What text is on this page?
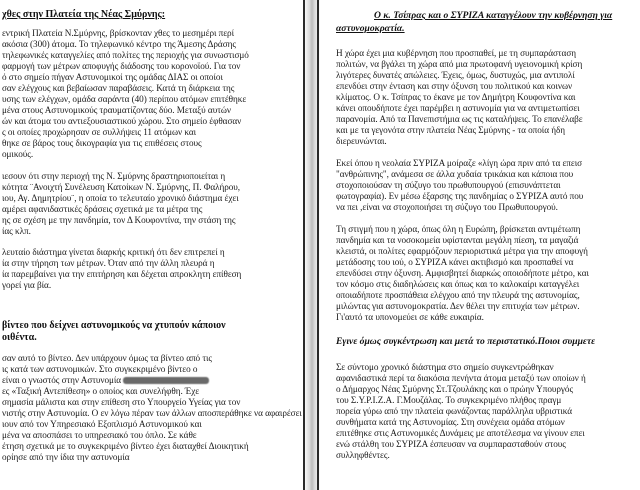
χθες στην Πλατεία της Νέας Σμύρνης:
εντρική Πλατεία Ν.Σμύρνης, βρίσκονταν χθες το μεσημέρι περί
ακόσια (300) άτομα. Το τηλεφωνικό κέντρο της Άμεσης Δράσης
τηλεφωνικές καταγγελίες από πολίτες της περιοχής για συνωστισμό
φαρμογή των μέτρων αποφυγής διάδοσης του κορονοϊού. Για τον
ό στο σημείο πήγαν Αστυνομικοί της ομάδας ΔΙΑΣ οι οποίοι
σαν ελέγχους και βεβαίωσαν παραβάσεις. Κατά τη διάρκεια της
υσης των ελέγχων, ομάδα σαράντα (40) περίπου ατόμων επιτέθηκε
μένα στους Αστυνομικούς τραυματίζοντας δύο. Μεταξύ αυτών
ών και άτομα του αντιεξουσιαστικού χώρου. Στο σημείο έφθασαν
ς οι οποίες προχώρησαν σε συλλήψεις 11 ατόμων και
θηκε σε βάρος τους δικογραφία για τις επιθέσεις στους
ομικούς.
ιεσουν ότι στην περιοχή της Ν. Σμύρνης δραστηριοποιείται η
κότητα ¨Ανοιχτή Συνέλευση Κατοίκων Ν. Σμύρνης, Π. Φαλήρου,
ιου, Αγ. Δημητρίου¨, η οποία το τελευταίο χρονικό διάστημα έχει
αμέρει αφανιδαστικές δράσεις σχετικά με τα μέτρα της
ης σε σχέση με την πανδημία, τον Δ Κουφοντίνα, την στάση της
ίας κλπ.
λευταίο διάστημα γίνεται διαρκής κριτική ότι δεν επιτρεπεί η
ία στην τήρηση των μέτρων. Όταν από την άλλη πλευρά η
ία παρεμβαίνει για την επιτήρηση και δέχεται απροκλητη επίθεση
γορεί για βία.
βίντεο που δείχνει αστυνομικούς να χτυπούν κάποιον
οιθέντα.
σαν αυτό το βίντεο. Δεν υπάρχουν όμως τα βίντεο από τις
ις κατά των αστυνομικών. Στο συγκεκριμένο βίντεο ο
είναι ο γνωστός στην Αστυνομία
ες «Ταξική Αντεπίθεση» ο οποίος και συνελήφθη. Έχε
σημασία μάλιστα και στην επίθεση στο Υπουργείο Υγείας για τον
νιστής στην Αστυνομία. Ο εν λόγω πέραν των άλλων αποσπεράθηκε να αφαιρέσει
ιουν από τον Υπηρεσιακό Εξοπλισμό Αστυνομικού και
μένα να αποσπάσει το υπηρεσιακό του όπλο. Σε κάθε
έτηση σχετικά με το συγκεκριμένο βίντεο έχει διαταχθεί Διοικητική
ορίησε από την ίδια την αστυνομία
Ο κ. Τσίπρας και ο ΣΥΡΙΖΑ καταγγέλουν την κυβέρνηση για
αστυνομοκρατία.
Η χώρα έχει μια κυβέρνηση που προσπαθεί, με τη συμπαράσταση
πολιτών, να βγάλει τη χώρα από μια πρωτοφανή υγειονομική κρίση
λιγότερες δυνατές απώλειες. Έχεις, όμως, δυστυχώς, μια αντιπολί
επενδύει στην ένταση και στην όξυνση του πολιτικού και κοινων
κλίματος. Ο κ. Τσίπρας το έκανε με τον Δημήτρη Κουφοντίνα και
κάνει οπουδήποτε έχει παρέμβει η αστυνομία για να αντιμετωπίσει
παρανομία. Από τα Πανεπιστήμια ως τις καταλήψεις. Το επανέλαβε
και με τα γεγονότα στην πλατεία Νέας Σμύρνης - τα οποία ήδη
διερευνώνται.
Εκεί όπου η νεολαία ΣΥΡΙΖΑ μοίραζε «λίγη ώρα πριν από τα επεισ
"ανθρώπινης", ανάμεσα σε άλλα χυδαία τρικάκια και κάποια που
στοχοποιούσαν τη σύζυγο του πρωθυπουργού (επισυνάπτεται
φωτογραφία). Εν μέσω έξαρσης της πανδημίας ο ΣΥΡΙΖΑ αυτό που
να πει ,είναι να στοχοποιήσει τη σύζυγο του Πρωθυπουργού.
Τη στιγμή που η χώρα, όπως όλη η Ευρώπη, βρίσκεται αντιμέτωπη
πανδημία και τα νοσοκομεία υφίστανται μεγάλη πίεση, τα μαγαζιά
κλειστά, οι πολίτες εφαρμόζουν περιοριστικά μέτρα για την αποφυγή
μετάδοσης του ιού, ο ΣΥΡΙΖΑ κάνει ακτιβισμό και προσπαθεί να
επενδύσει στην όξυνση. Αμφισβητεί διαρκώς οποιοδήποτε μέτρο, και
τον κόσμο στις διαδηλώσεις και όπως και το καλοκαίρι καταγγέλει
οποιαδήποτε προσπάθεια ελέγχου από την πλευρά της αστυνομίας,
μιλώντας για αστυνομοκρατία. Δεν θέλει την επιτυχία των μέτρων.
Γι'αυτό τα υπονομεύει σε κάθε ευκαιρία.
Εγινε όμως συγκέντρωση και μετά το περιστατικό.Ποιοι συμμετε
Σε σύντομο χρονικό διάστημα στο σημείο συγκεντρώθηκαν
αφανιδαστικά περί τα διακόσια πενήντα άτομα μεταξύ των οποίων ή
ο Δήμαρχος Νέας Σμύρνης Στ.Τζουλάκης και ο πρώην Υπουργός
του Σ.Υ.Ρ.Ι.Ζ.Α. Γ.Μουζάλας. Το συγκεκριμένο πλήθος πραγμ
πορεία γύρω από την πλατεία φωνάζοντας παράλληλα υβριστικά
συνθήματα κατά της Αστυνομίας. Στη συνέχεια ομάδα ατόμων
επιτέθηκε στις Αστυνομικές Δυνάμεις με αποτέλεσμα να γίνουν επει
ενώ στάλθη του ΣΥΡΙΖΑ έσπευσαν να συμπαρασταθούν στους
συλληφθέντες.
